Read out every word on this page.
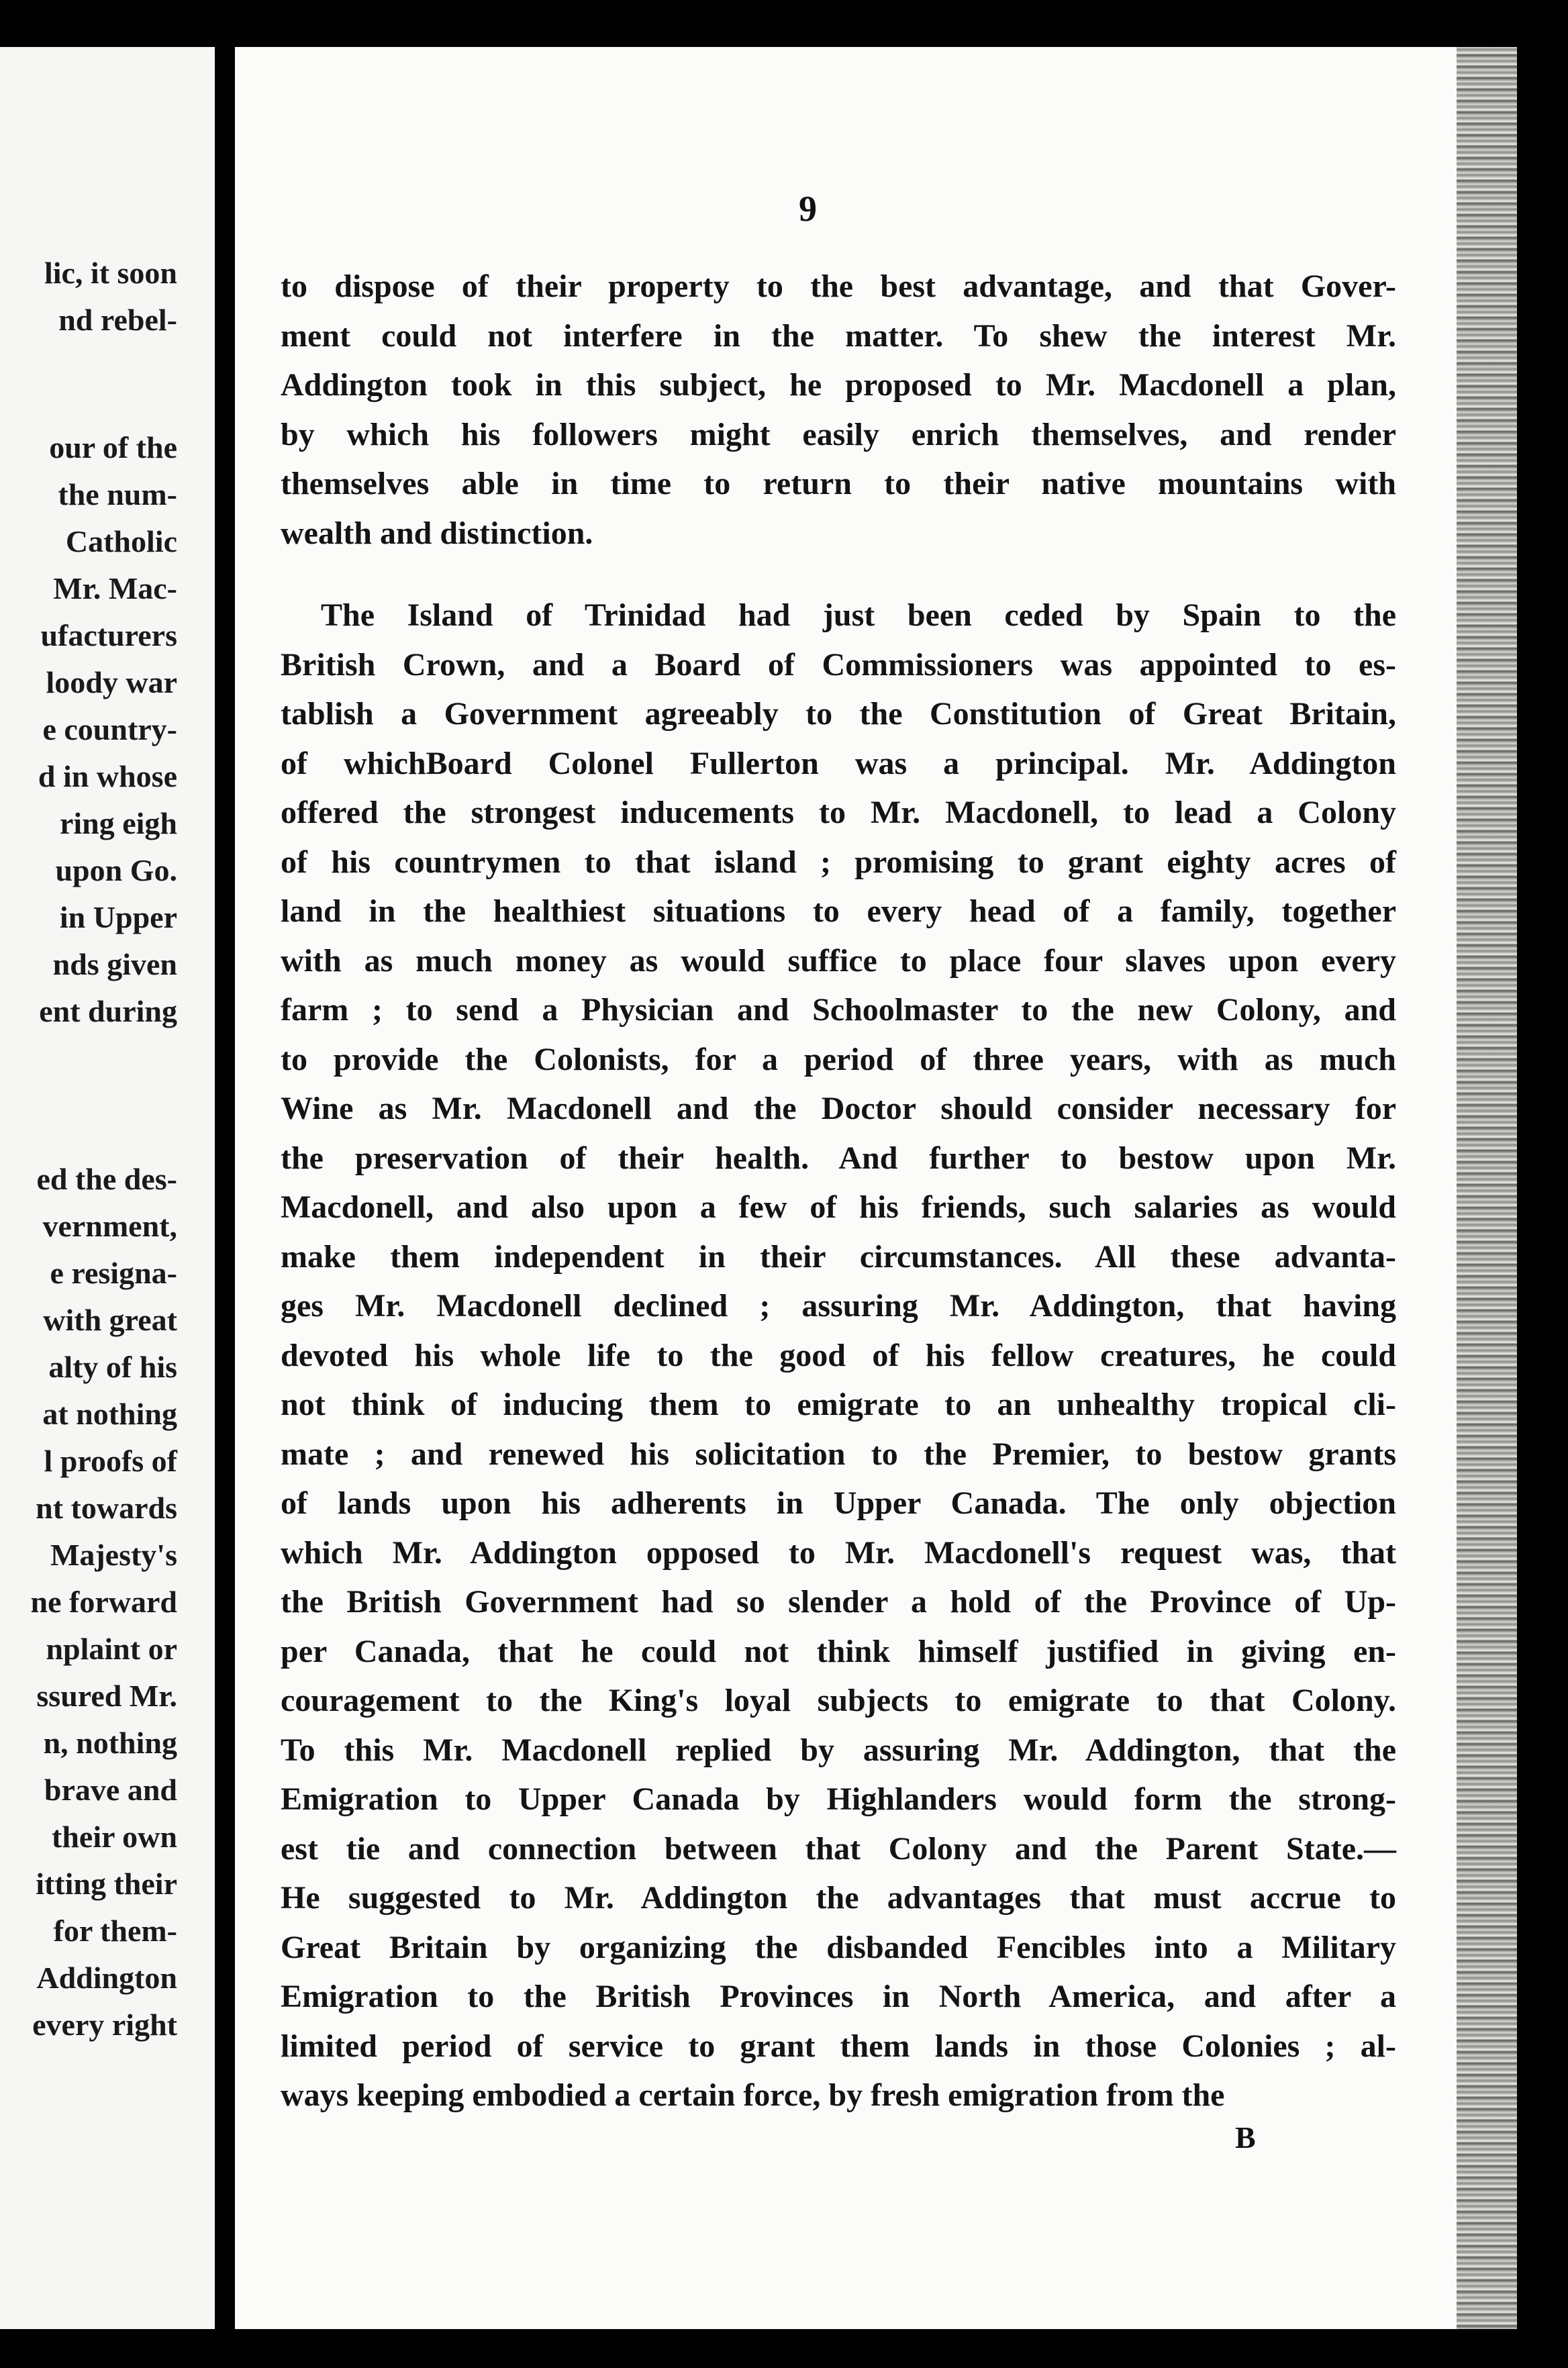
lic, it soon
nd rebel-
our of the
the num-
Catholic
Mr. Mac-
ufacturers
loody war
e country-
d in whose
ring eigh
upon Go.
in Upper
nds given
ent during
ed the des-
vernment,
e resigna-
with great
alty of his
at nothing
l proofs of
nt towards
Majesty's
ne forward
nplaint or
ssured Mr.
n, nothing
brave and
their own
itting their
for them-
Addington
every right
9
to dispose of their property to the best advantage, and that Gover-
ment could not interfere in the matter. To shew the interest Mr.
Addington took in this subject, he proposed to Mr. Macdonell a plan,
by which his followers might easily enrich themselves, and render
themselves able in time to return to their native mountains with
wealth and distinction.
The Island of Trinidad had just been ceded by Spain to the
British Crown, and a Board of Commissioners was appointed to es-
tablish a Government agreeably to the Constitution of Great Britain,
of whichBoard Colonel Fullerton was a principal. Mr. Addington
offered the strongest inducements to Mr. Macdonell, to lead a Colony
of his countrymen to that island ; promising to grant eighty acres of
land in the healthiest situations to every head of a family, together
with as much money as would suffice to place four slaves upon every
farm ; to send a Physician and Schoolmaster to the new Colony, and
to provide the Colonists, for a period of three years, with as much
Wine as Mr. Macdonell and the Doctor should consider necessary for
the preservation of their health. And further to bestow upon Mr.
Macdonell, and also upon a few of his friends, such salaries as would
make them independent in their circumstances. All these advanta-
ges Mr. Macdonell declined ; assuring Mr. Addington, that having
devoted his whole life to the good of his fellow creatures, he could
not think of inducing them to emigrate to an unhealthy tropical cli-
mate ; and renewed his solicitation to the Premier, to bestow grants
of lands upon his adherents in Upper Canada. The only objection
which Mr. Addington opposed to Mr. Macdonell's request was, that
the British Government had so slender a hold of the Province of Up-
per Canada, that he could not think himself justified in giving en-
couragement to the King's loyal subjects to emigrate to that Colony.
To this Mr. Macdonell replied by assuring Mr. Addington, that the
Emigration to Upper Canada by Highlanders would form the strong-
est tie and connection between that Colony and the Parent State.—
He suggested to Mr. Addington the advantages that must accrue to
Great Britain by organizing the disbanded Fencibles into a Military
Emigration to the British Provinces in North America, and after a
limited period of service to grant them lands in those Colonies ; al-
ways keeping embodied a certain force, by fresh emigration from the
B
